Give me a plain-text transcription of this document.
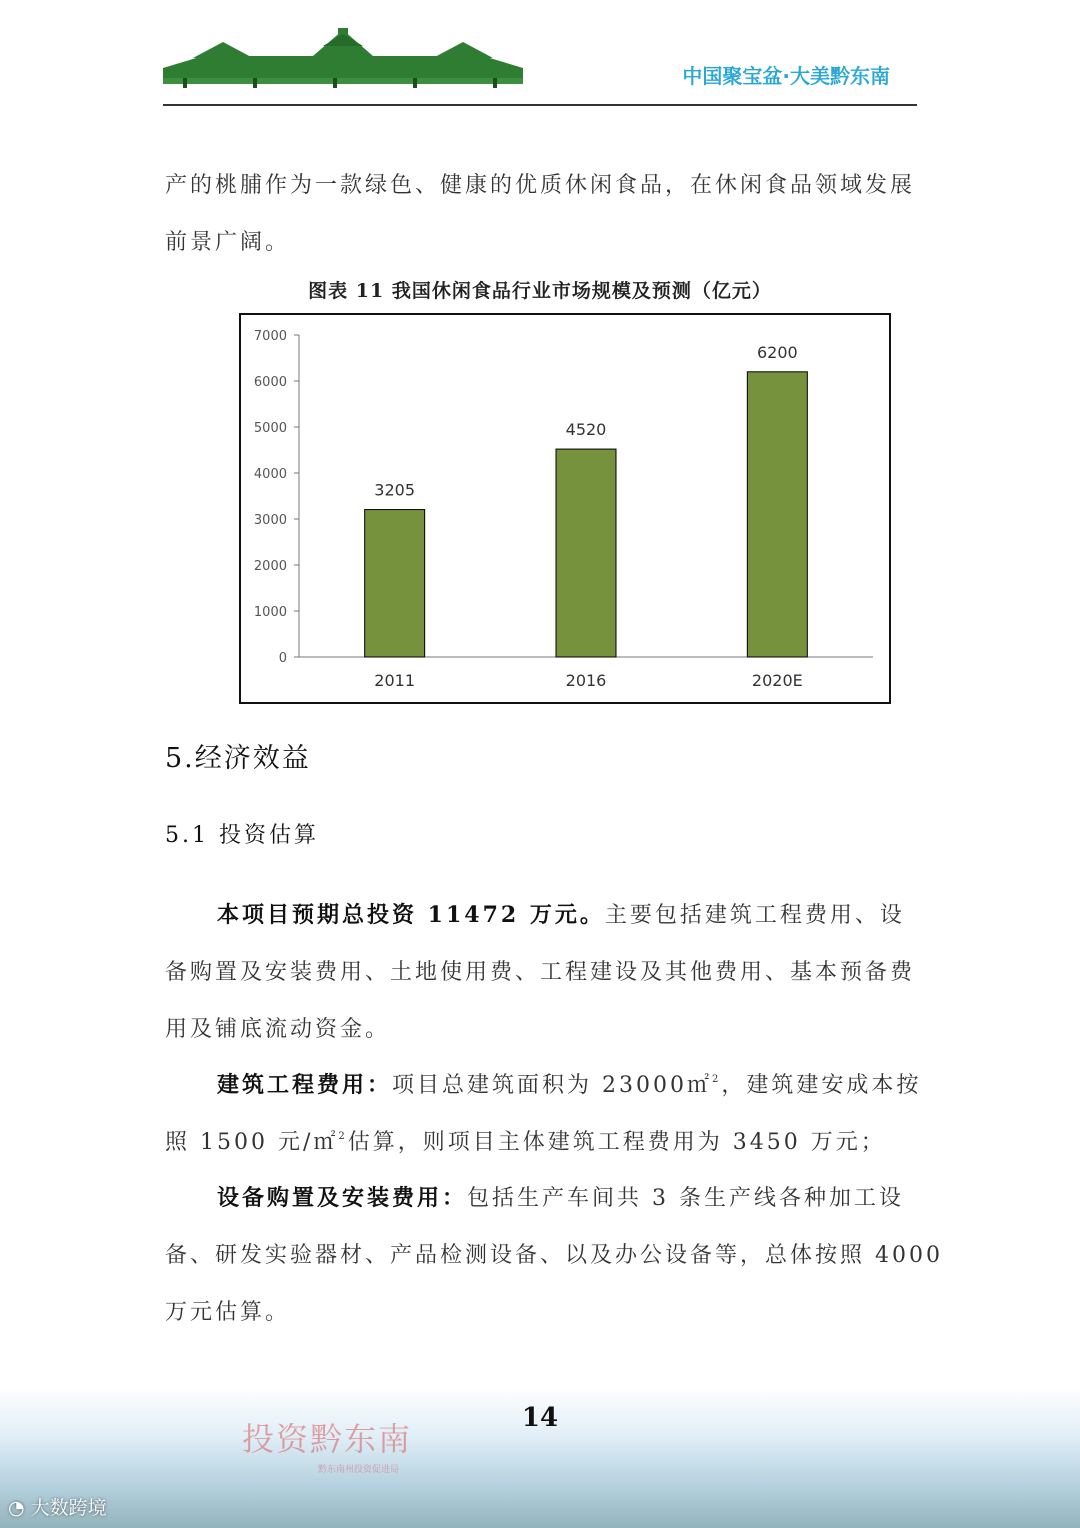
中国聚宝盆·大美黔东南
产的桃脯作为一款绿色、健康的优质休闲食品，在休闲食品领域发展前景广阔。
图表 11 我国休闲食品行业市场规模及预测（亿元）
0
1000
2000
3000
4000
5000
6000
7000
3205
2011
4520
2016
6200
2020E
5.经济效益
5.1 投资估算
本项目预期总投资 11472 万元。主要包括建筑工程费用、设备购置及安装费用、土地使用费、工程建设及其他费用、基本预备费用及铺底流动资金。
建筑工程费用：项目总建筑面积为 23000㎡$^2$，建筑建安成本按照 1500 元/㎡$^2$估算，则项目主体建筑工程费用为 3450 万元；
设备购置及安装费用：包括生产车间共 3 条生产线各种加工设备、研发实验器材、产品检测设备、以及办公设备等，总体按照 4000 万元估算。
投资黔东南
黔东南州投资促进局
14
◔ 大数跨境
